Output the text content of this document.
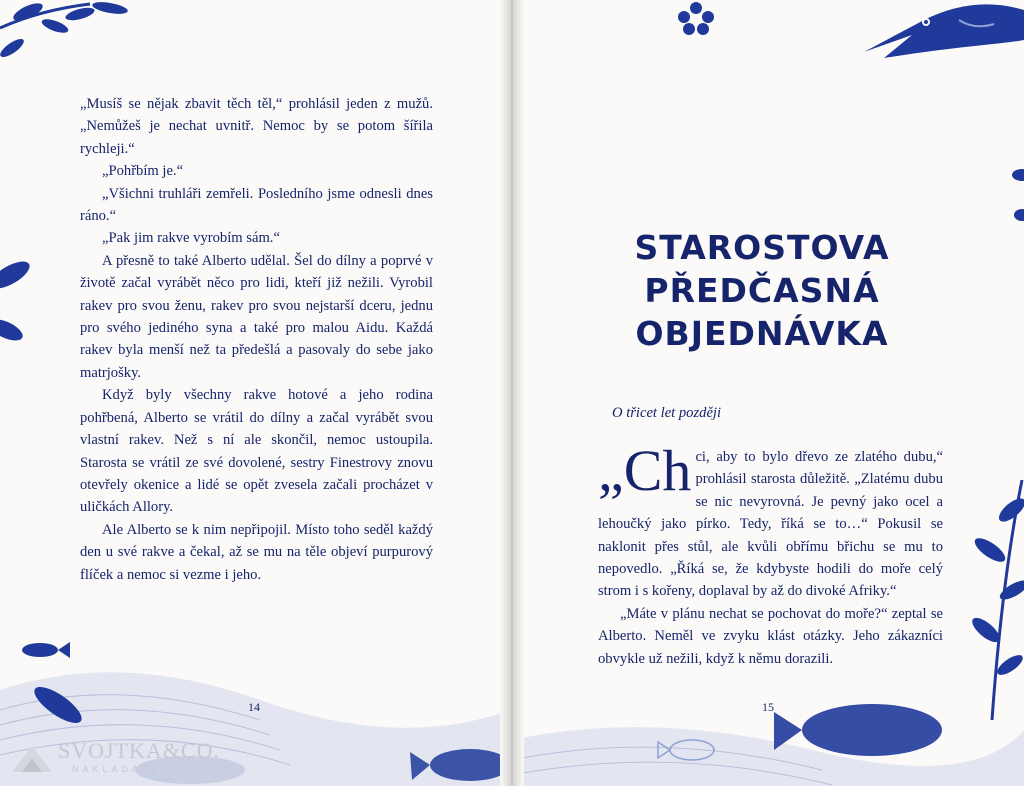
„Musíš se nějak zbavit těch těl,“ prohlásil jeden z mužů. „Nemůžeš je nechat uvnitř. Nemoc by se potom šířila rychleji.“

„Pohřbím je.“

„Všichni truhláři zemřeli. Posledního jsme odnesli dnes ráno.“

„Pak jim rakve vyrobím sám.“

A přesně to také Alberto udělal. Šel do dílny a poprvé v životě začal vyrábět něco pro lidi, kteří již nežili. Vyrobil rakev pro svou ženu, rakev pro svou nejstarší dceru, jednu pro svého jediného syna a také pro malou Aidu. Každá rakev byla menší než ta předešlá a pasovaly do sebe jako matrjošky.

Když byly všechny rakve hotové a jeho rodina pohřbená, Alberto se vrátil do dílny a začal vyrábět svou vlastní rakev. Než s ní ale skončil, nemoc ustoupila. Starosta se vrátil ze své dovolené, sestry Finestrovy znovu otevřely okenice a lidé se opět zvesela začali procházet v uličkách Allory.

Ale Alberto se k nim nepřipojil. Místo toho seděl každý den u své rakve a čekal, až se mu na těle objeví purpurový flíček a nemoc si vezme i jeho.

14
SVOJTKA&CO.
NAKLADATELSTVÍ
STAROSTOVA
PŘEDČASNÁ
OBJEDNÁVKA
O třicet let později

„Ch ci, aby to bylo dřevo ze zlatého dubu,“ prohlásil starosta důležitě. „Zlatému dubu se nic nevyrovná. Je pevný jako ocel a lehoučký jako pírko. Tedy, říká se to…“ Pokusil se naklonit přes stůl, ale kvůli obřímu břichu se mu to nepovedlo. „Říká se, že kdybyste hodili do moře celý strom i s kořeny, doplaval by až do divoké Afriky.“

„Máte v plánu nechat se pochovat do moře?“ zeptal se Alberto. Neměl ve zvyku klást otázky. Jeho zákazníci obvykle už nežili, když k němu dorazili.

15
